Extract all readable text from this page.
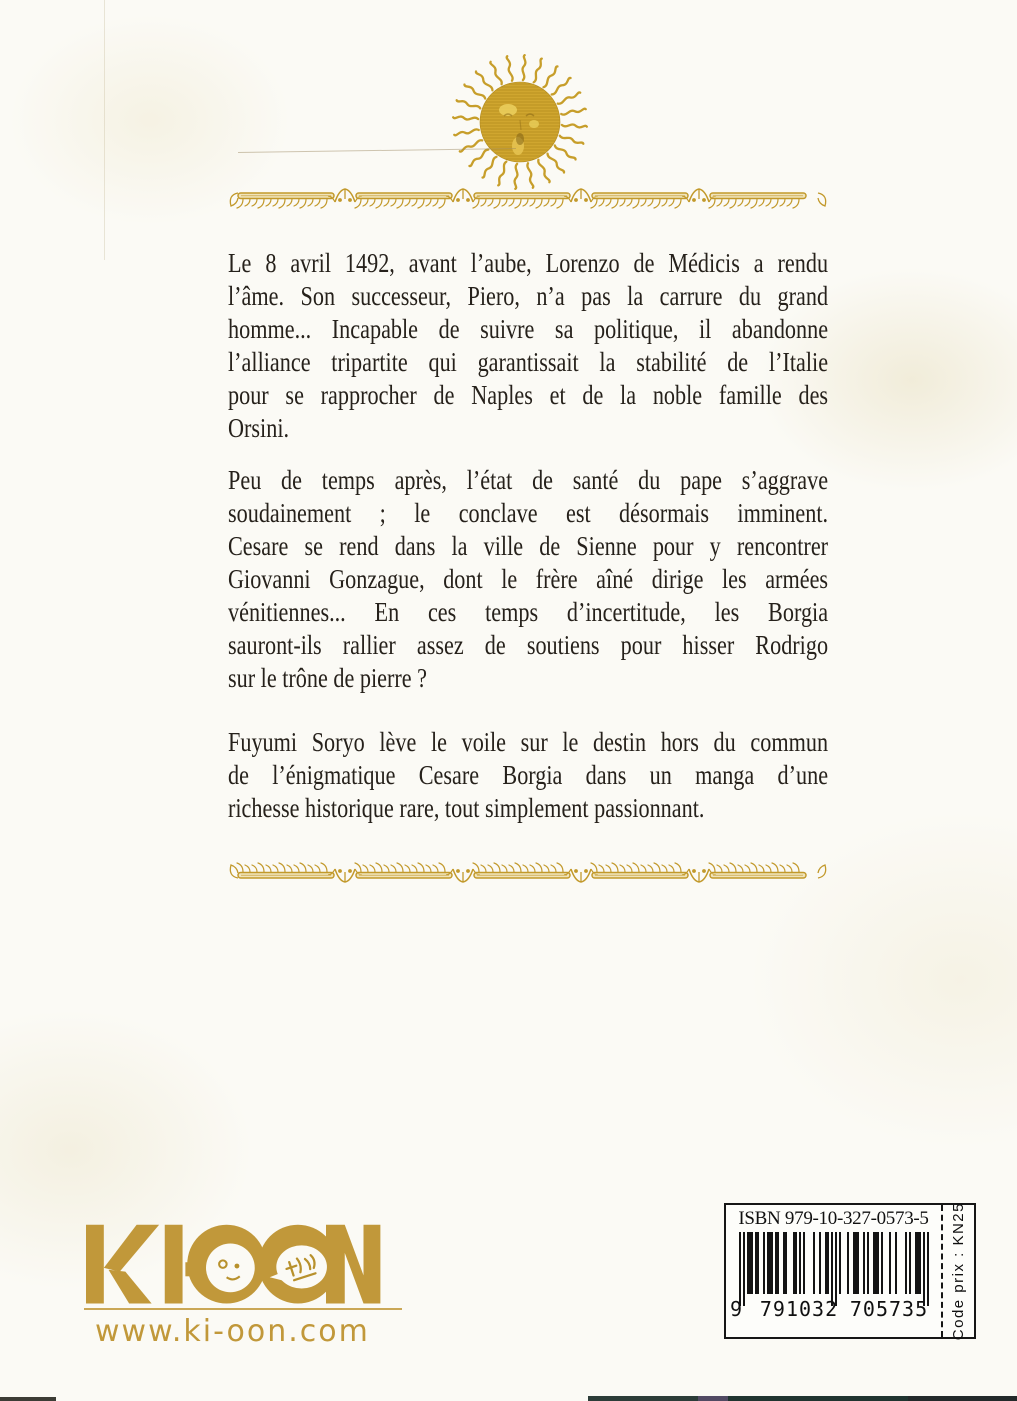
Le 8 avril 1492, avant l’aube, Lorenzo de Médicis a rendu
l’âme. Son successeur, Piero, n’a pas la carrure du grand
homme... Incapable de suivre sa politique, il abandonne
l’alliance tripartite qui garantissait la stabilité de l’Italie
pour se rapprocher de Naples et de la noble famille des
Orsini.
Peu de temps après, l’état de santé du pape s’aggrave
soudainement ; le conclave est désormais imminent.
Cesare se rend dans la ville de Sienne pour y rencontrer
Giovanni Gonzague, dont le frère aîné dirige les armées
vénitiennes... En ces temps d’incertitude, les Borgia
sauront-ils rallier assez de soutiens pour hisser Rodrigo
sur le trône de pierre ?
Fuyumi Soryo lève le voile sur le destin hors du commun
de l’énigmatique Cesare Borgia dans un manga d’une
richesse historique rare, tout simplement passionnant.
www.ki-oon.com
ISBN 979-10-327-0573-5
9 791032 705735 Code prix : KN25
